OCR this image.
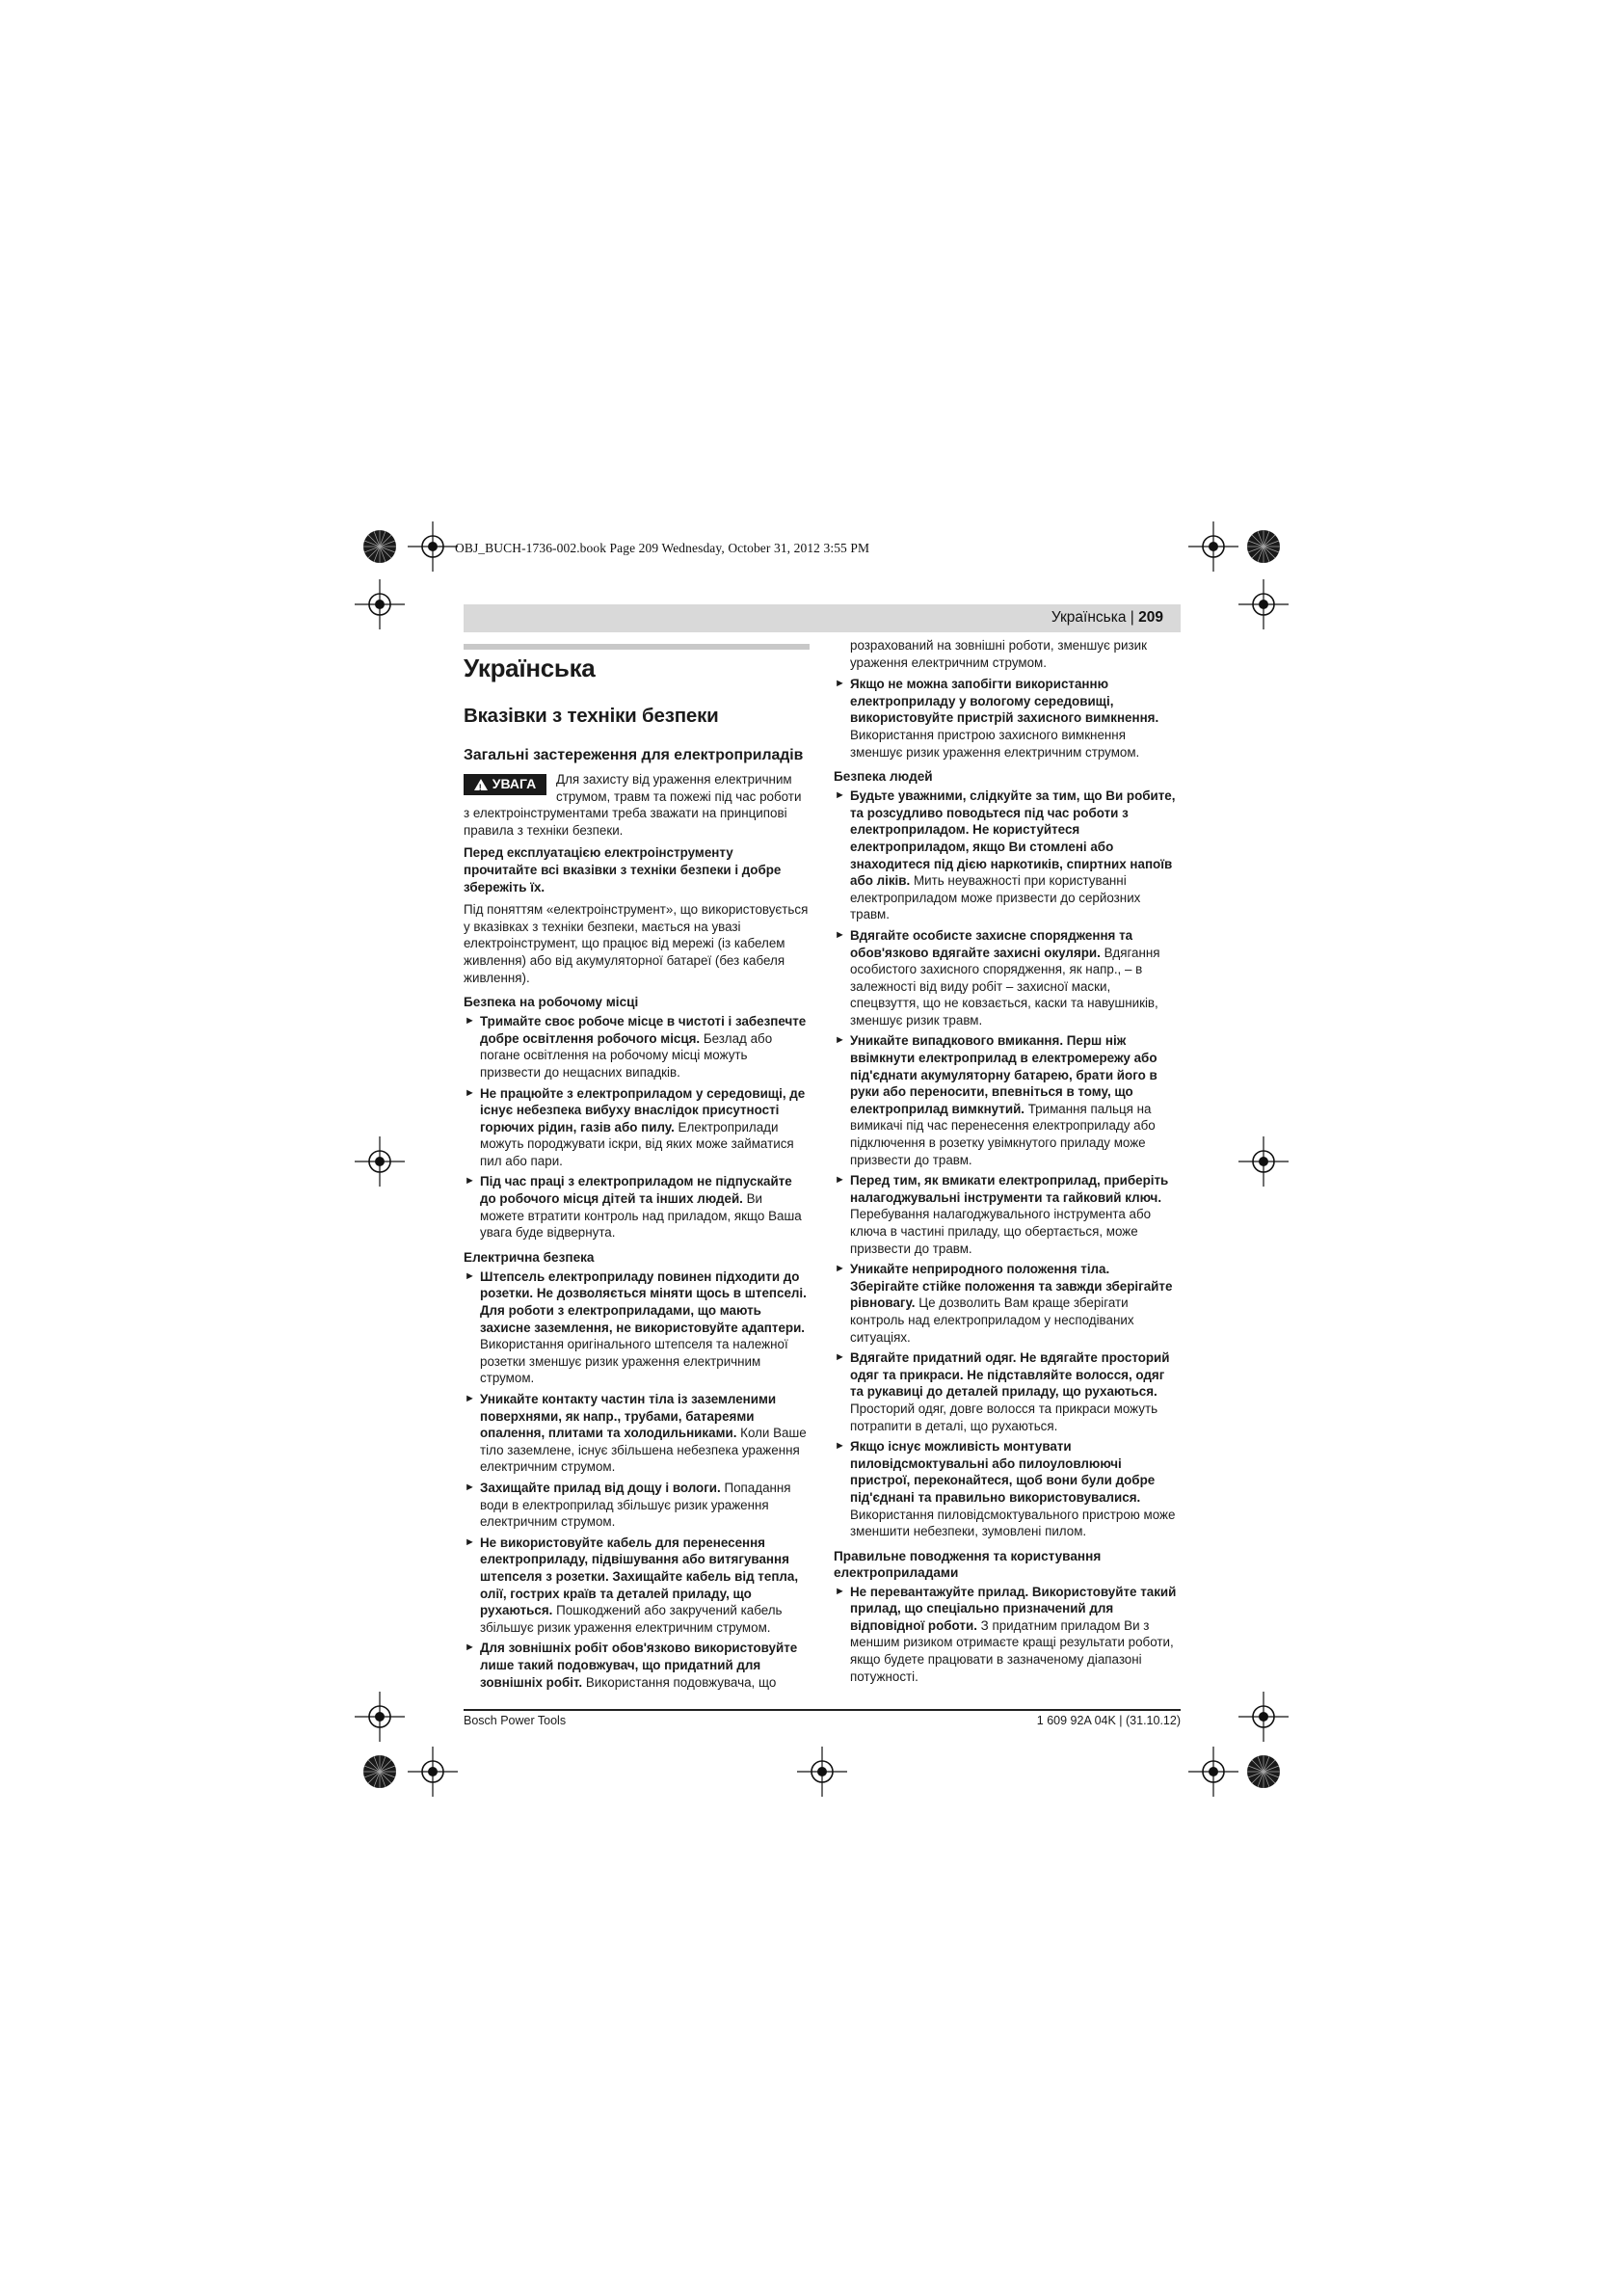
OBJ_BUCH-1736-002.book Page 209 Wednesday, October 31, 2012 3:55 PM
Українська | 209
Українська
Вказівки з техніки безпеки
Загальні застереження для електроприладів
!
УВАГА	Для захисту від ураження електричним струмом, травм та пожежі під час роботи з електроінструментами треба зважати на принципові правила з техніки безпеки.

Перед експлуатацією електроінструменту прочитайте всі вказівки з техніки безпеки і добре збережіть їх.

Під поняттям «електроінструмент», що використовується у вказівках з техніки безпеки, мається на увазі електроінструмент, що працює від мережі (із кабелем живлення) або від акумуляторної батареї (без кабеля живлення).

Безпека на робочому місці
► Тримайте своє робоче місце в чистоті і забезпечте добре освітлення робочого місця. Безлад або погане освітлення на робочому місці можуть призвести до нещасних випадків.
► Не працюйте з електроприладом у середовищі, де існує небезпека вибуху внаслідок присутності горючих рідин, газів або пилу. Електроприлади можуть породжувати іскри, від яких може займатися пил або пари.
► Під час праці з електроприладом не підпускайте до робочого місця дітей та інших людей. Ви можете втратити контроль над приладом, якщо Ваша увага буде відвернута.
Електрична безпека
► Штепсель електроприладу повинен підходити до розетки. Не дозволяється міняти щось в штепселі. Для роботи з електроприладами, що мають захисне заземлення, не використовуйте адаптери. Використання оригінального штепселя та належної розетки зменшує ризик ураження електричним струмом.
► Уникайте контакту частин тіла із заземленими поверхнями, як напр., трубами, батареями опалення, плитами та холодильниками. Коли Ваше тіло заземлене, існує збільшена небезпека ураження електричним струмом.
► Захищайте прилад від дощу і вологи. Попадання води в електроприлад збільшує ризик ураження електричним струмом.
► Не використовуйте кабель для перенесення електроприладу, підвішування або витягування штепселя з розетки. Захищайте кабель від тепла, олії, гострих країв та деталей приладу, що рухаються. Пошкоджений або закручений кабель збільшує ризик ураження електричним струмом.
► Для зовнішніх робіт обов'язково використовуйте лише такий подовжувач, що придатний для зовнішніх робіт. Використання подовжувача, що

розрахований на зовнішні роботи, зменшує ризик ураження електричним струмом.

► Якщо не можна запобігти використанню електроприладу у вологому середовищі, використовуйте пристрій захисного вимкнення. Використання пристрою захисного вимкнення зменшує ризик ураження електричним струмом.
Безпека людей
► Будьте уважними, слідкуйте за тим, що Ви робите, та розсудливо поводьтеся під час роботи з електроприладом. Не користуйтеся електроприладом, якщо Ви стомлені або знаходитеся під дією наркотиків, спиртних напоїв або ліків. Мить неуважності при користуванні електроприладом може призвести до серйозних травм.
► Вдягайте особисте захисне спорядження та обов'язково вдягайте захисні окуляри. Вдягання особистого захисного спорядження, як напр., – в залежності від виду робіт – захисної маски, спецвзуття, що не ковзається, каски та навушників, зменшує ризик травм.
► Уникайте випадкового вмикання. Перш ніж ввімкнути електроприлад в електромережу або під'єднати акумуляторну батарею, брати його в руки або переносити, впевніться в тому, що електроприлад вимкнутий. Тримання пальця на вимикачі під час перенесення електроприладу або підключення в розетку увімкнутого приладу може призвести до травм.
► Перед тим, як вмикати електроприлад, приберіть налагоджувальні інструменти та гайковий ключ. Перебування налагоджувального інструмента або ключа в частині приладу, що обертається, може призвести до травм.
► Уникайте неприродного положення тіла. Зберігайте стійке положення та завжди зберігайте рівновагу. Це дозволить Вам краще зберігати контроль над електроприладом у несподіваних ситуаціях.
► Вдягайте придатний одяг. Не вдягайте просторий одяг та прикраси. Не підставляйте волосся, одяг та рукавиці до деталей приладу, що рухаються. Просторий одяг, довге волосся та прикраси можуть потрапити в деталі, що рухаються.
► Якщо існує можливість монтувати пиловідсмоктувальні або пилоуловлюючі пристрої, переконайтеся, щоб вони були добре під'єднані та правильно використовувалися. Використання пиловідсмоктувального пристрою може зменшити небезпеки, зумовлені пилом.
Правильне поводження та користування електроприладами
► Не перевантажуйте прилад. Використовуйте такий прилад, що спеціально призначений для відповідної роботи. З придатним приладом Ви з меншим ризиком отримаєте кращі результати роботи, якщо будете працювати в зазначеному діапазоні потужності.
Bosch Power Tools	1 609 92A 04K | (31.10.12)
